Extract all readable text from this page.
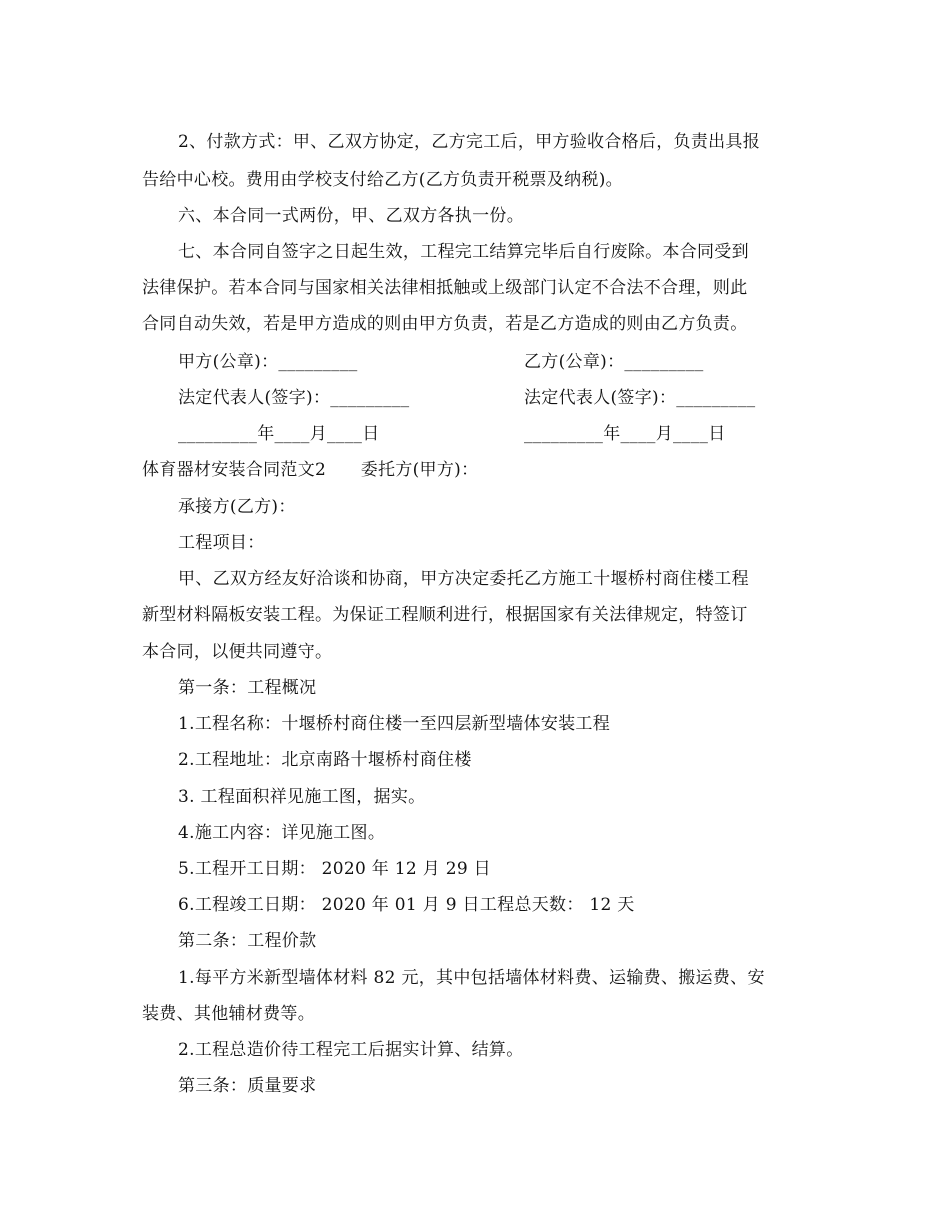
2、付款方式：甲、乙双方协定，乙方完工后，甲方验收合格后，负责出具报
告给中心校。费用由学校支付给乙方(乙方负责开税票及纳税)。
六、本合同一式两份，甲、乙双方各执一份。
七、本合同自签字之日起生效，工程完工结算完毕后自行废除。本合同受到
法律保护。若本合同与国家相关法律相抵触或上级部门认定不合法不合理，则此
合同自动失效，若是甲方造成的则由甲方负责，若是乙方造成的则由乙方负责。
甲方(公章)：_________	乙方(公章)：_________
法定代表人(签字)：_________	法定代表人(签字)：_________
_________年____月____日	_________年____月____日
体育器材安装合同范文2　　委托方(甲方)：
承接方(乙方)：
工程项目：
甲、乙双方经友好洽谈和协商，甲方决定委托乙方施工十堰桥村商住楼工程
新型材料隔板安装工程。为保证工程顺利进行，根据国家有关法律规定，特签订
本合同，以便共同遵守。
第一条：工程概况
1.工程名称：十堰桥村商住楼一至四层新型墙体安装工程
2.工程地址：北京南路十堰桥村商住楼
3. 工程面积祥见施工图，据实。
4.施工内容：详见施工图。
5.工程开工日期： 2020 年 12 月 29 日
6.工程竣工日期： 2020 年 01 月 9 日工程总天数： 12 天
第二条：工程价款
1.每平方米新型墙体材料 82 元，其中包括墙体材料费、运输费、搬运费、安
装费、其他辅材费等。
2.工程总造价待工程完工后据实计算、结算。
第三条：质量要求
